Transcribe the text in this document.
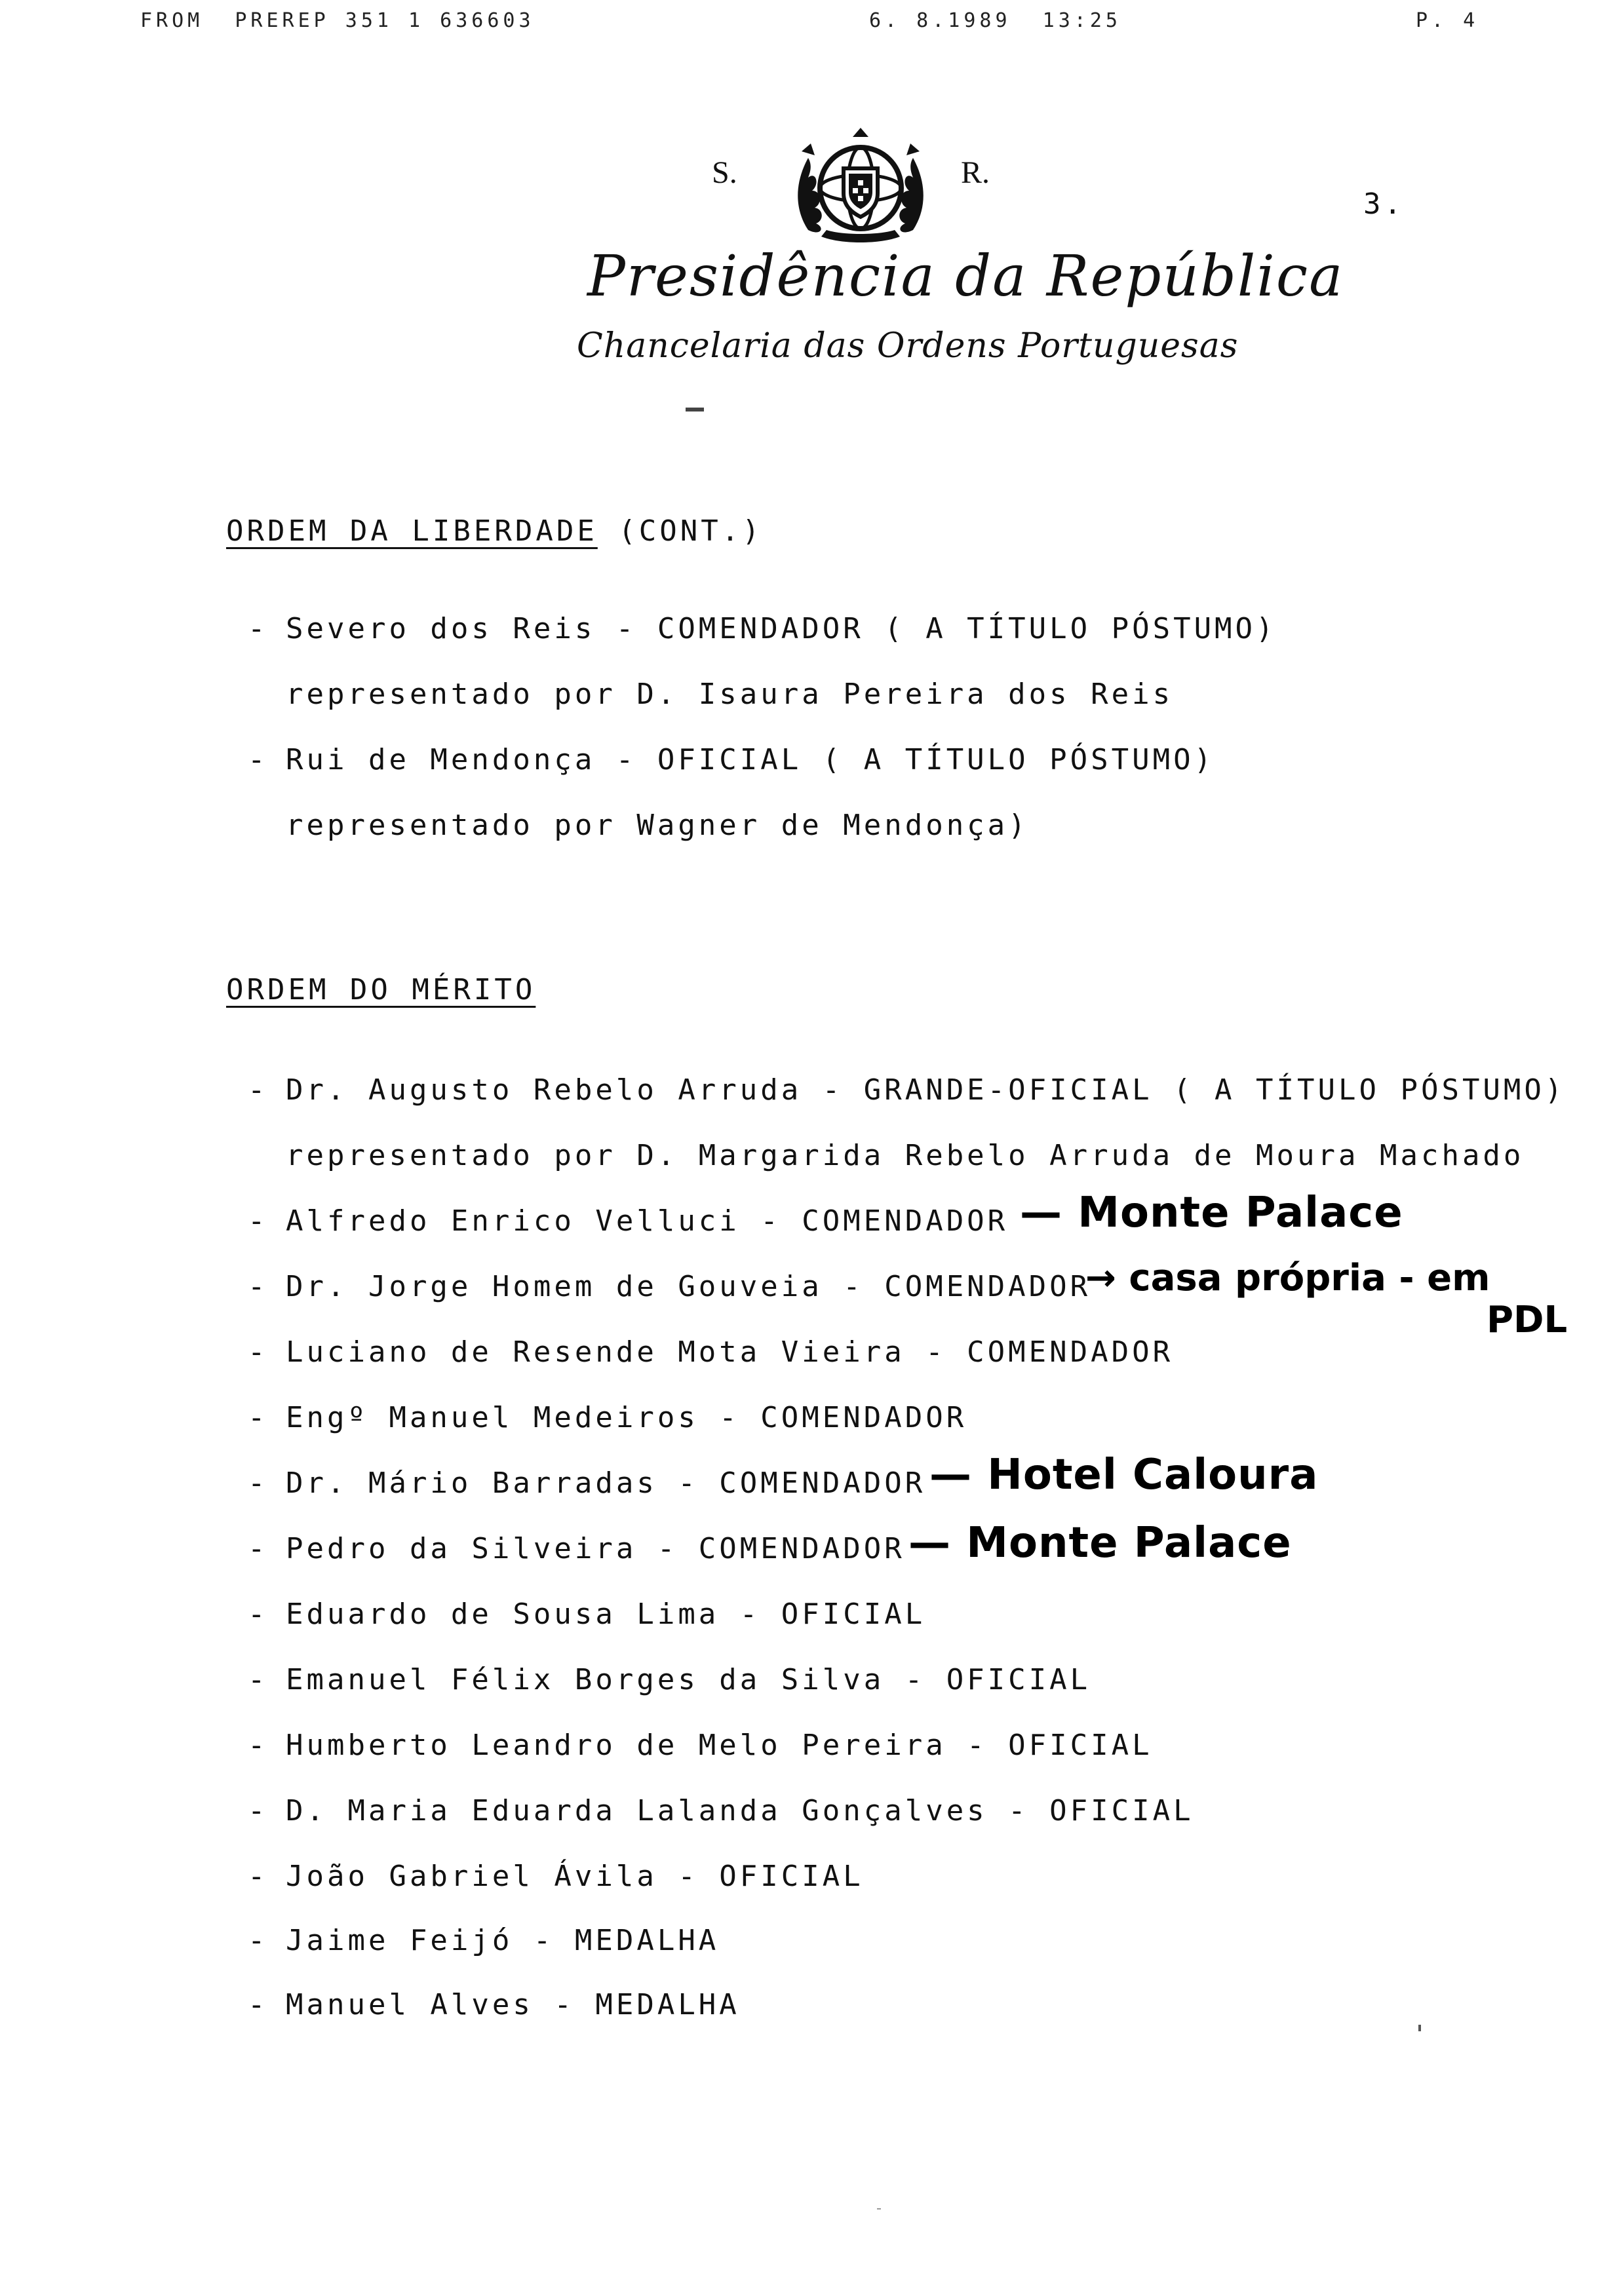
FROM  PREREP 351 1 636603	6. 8.1989  13:25	P. 4
S.

	R.
Presidência da República
Chancelaria das Ordens Portuguesas
3.

ORDEM DA LIBERDADE (CONT.)

- Severo dos Reis - COMENDADOR ( A TÍTULO PÓSTUMO)
representado por D. Isaura Pereira dos Reis
- Rui de Mendonça - OFICIAL ( A TÍTULO PÓSTUMO)
representado por Wagner de Mendonça)

ORDEM DO MÉRITO

- Dr. Augusto Rebelo Arruda - GRANDE-OFICIAL ( A TÍTULO PÓSTUMO)
representado por D. Margarida Rebelo Arruda de Moura Machado
- Alfredo Enrico Velluci - COMENDADOR
- Dr. Jorge Homem de Gouveia - COMENDADOR
- Luciano de Resende Mota Vieira - COMENDADOR
- Engº Manuel Medeiros - COMENDADOR
- Dr. Mário Barradas - COMENDADOR
- Pedro da Silveira - COMENDADOR
- Eduardo de Sousa Lima - OFICIAL
- Emanuel Félix Borges da Silva - OFICIAL
- Humberto Leandro de Melo Pereira - OFICIAL
- D. Maria Eduarda Lalanda Gonçalves - OFICIAL
- João Gabriel Ávila - OFICIAL
- Jaime Feijó - MEDALHA
- Manuel Alves - MEDALHA
— Monte Palace
→ casa própria - em
PDL
— Hotel Caloura
— Monte Palace
